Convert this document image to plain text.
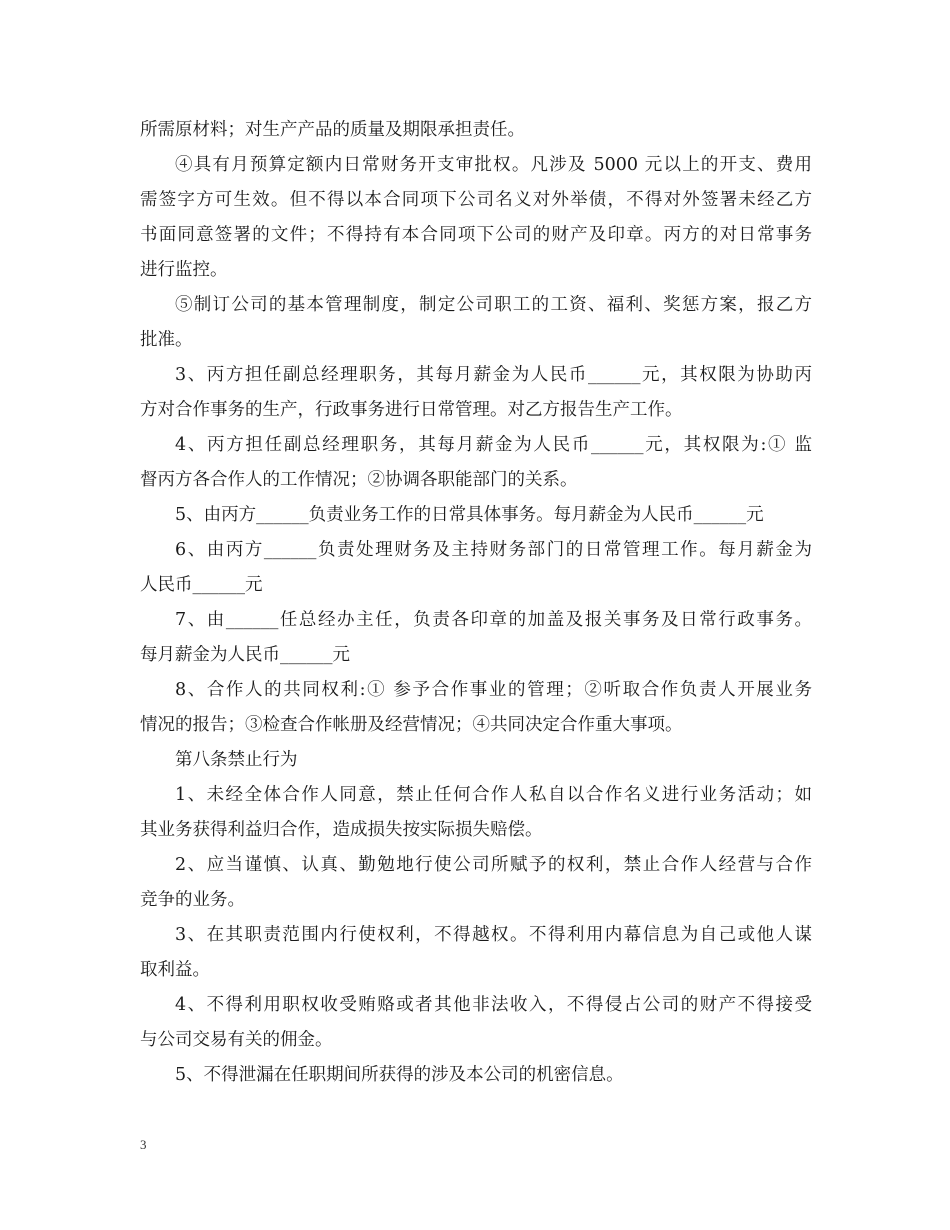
所需原材料；对生产产品的质量及期限承担责任。
④具有月预算定额内日常财务开支审批权。凡涉及 5000 元以上的开支、费用
需签字方可生效。但不得以本合同项下公司名义对外举债，不得对外签署未经乙方
书面同意签署的文件；不得持有本合同项下公司的财产及印章。丙方的对日常事务
进行监控。
⑤制订公司的基本管理制度，制定公司职工的工资、福利、奖惩方案，报乙方
批准。
3、丙方担任副总经理职务，其每月薪金为人民币______元，其权限为协助丙
方对合作事务的生产，行政事务进行日常管理。对乙方报告生产工作。
4、丙方担任副总经理职务，其每月薪金为人民币______元，其权限为:① 监
督丙方各合作人的工作情况；②协调各职能部门的关系。
5、由丙方______负责业务工作的日常具体事务。每月薪金为人民币______元
6、由丙方______负责处理财务及主持财务部门的日常管理工作。每月薪金为
人民币______元
7、由______任总经办主任，负责各印章的加盖及报关事务及日常行政事务。
每月薪金为人民币______元
8、合作人的共同权利:① 参予合作事业的管理；②听取合作负责人开展业务
情况的报告；③检查合作帐册及经营情况；④共同决定合作重大事项。
第八条禁止行为
1、未经全体合作人同意，禁止任何合作人私自以合作名义进行业务活动；如
其业务获得利益归合作，造成损失按实际损失赔偿。
2、应当谨慎、认真、勤勉地行使公司所赋予的权利，禁止合作人经营与合作
竞争的业务。
3、在其职责范围内行使权利，不得越权。不得利用内幕信息为自己或他人谋
取利益。
4、不得利用职权收受贿赂或者其他非法收入，不得侵占公司的财产不得接受
与公司交易有关的佣金。
5、不得泄漏在任职期间所获得的涉及本公司的机密信息。
3
